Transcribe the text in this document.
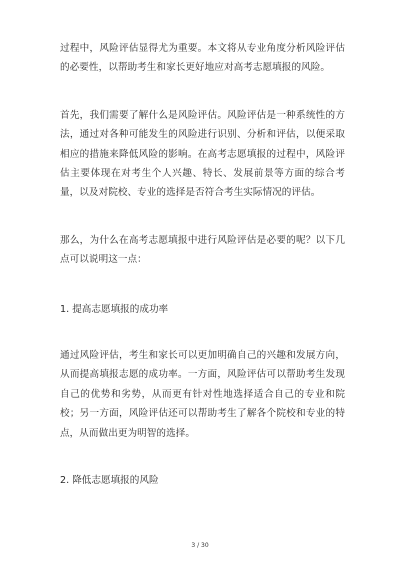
过程中，风险评估显得尤为重要。本文将从专业角度分析风险评估的必要性，以帮助考生和家长更好地应对高考志愿填报的风险。

首先，我们需要了解什么是风险评估。风险评估是一种系统性的方法，通过对各种可能发生的风险进行识别、分析和评估，以便采取相应的措施来降低风险的影响。在高考志愿填报的过程中，风险评估主要体现在对考生个人兴趣、特长、发展前景等方面的综合考量，以及对院校、专业的选择是否符合考生实际情况的评估。

那么，为什么在高考志愿填报中进行风险评估是必要的呢？以下几点可以说明这一点：

1. 提高志愿填报的成功率

通过风险评估，考生和家长可以更加明确自己的兴趣和发展方向，从而提高填报志愿的成功率。一方面，风险评估可以帮助考生发现自己的优势和劣势，从而更有针对性地选择适合自己的专业和院校；另一方面，风险评估还可以帮助考生了解各个院校和专业的特点，从而做出更为明智的选择。

2. 降低志愿填报的风险

3 / 30
